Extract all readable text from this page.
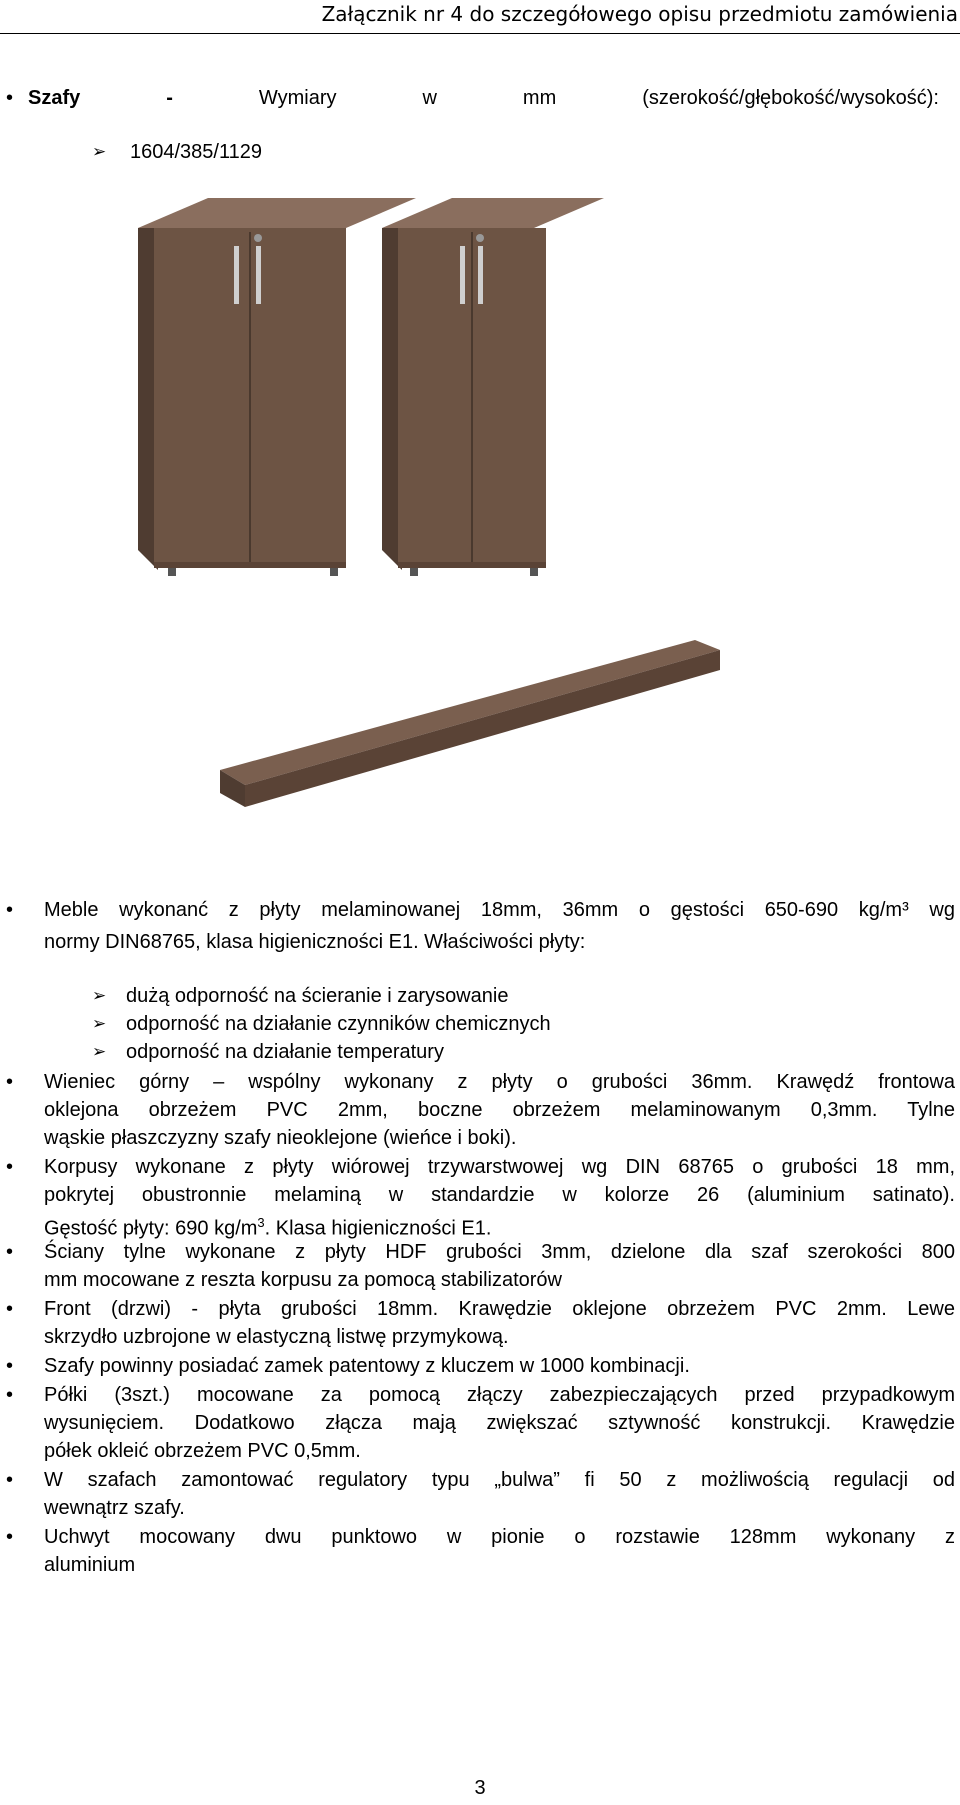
Załącznik nr 4 do szczegółowego opisu przedmiotu zamówienia
• Szafy - Wymiary w mm (szerokość/głębokość/wysokość):
➢ 1604/385/1129
• Meble wykonanć z płyty melaminowanej 18mm, 36mm o gęstości 650-690 kg/m³ wg
normy DIN68765, klasa higieniczności E1. Właściwości płyty:
➢ dużą odporność na ścieranie i zarysowanie
➢ odporność na działanie czynników chemicznych
➢ odporność na działanie temperatury
• Wieniec górny – wspólny wykonany z płyty o grubości 36mm. Krawędź frontowa
oklejona obrzeżem PVC 2mm, boczne obrzeżem melaminowanym 0,3mm. Tylne
wąskie płaszczyzny szafy nieoklejone (wieńce i boki).
• Korpusy wykonane z płyty wiórowej trzywarstwowej wg DIN 68765 o grubości 18 mm,
pokrytej obustronnie melaminą w standardzie w kolorze 26 (aluminium satinato).
Gęstość płyty: 690 $kg/m^3$. Klasa higieniczności E1.
• Ściany tylne wykonane z płyty HDF grubości 3mm, dzielone dla szaf szerokości 800
mm mocowane z reszta korpusu za pomocą stabilizatorów
• Front (drzwi) - płyta grubości 18mm. Krawędzie oklejone obrzeżem PVC 2mm. Lewe
skrzydło uzbrojone w elastyczną listwę przymykową.
• Szafy powinny posiadać zamek patentowy z kluczem w 1000 kombinacji.
• Półki (3szt.) mocowane za pomocą złączy zabezpieczających przed przypadkowym
wysunięciem. Dodatkowo złącza mają zwiększać sztywność konstrukcji. Krawędzie
półek okleić obrzeżem PVC 0,5mm.
• W szafach zamontować regulatory typu „bulwa” fi 50 z możliwością regulacji od
wewnątrz szafy.
• Uchwyt mocowany dwu punktowo w pionie o rozstawie 128mm wykonany z
aluminium
3
